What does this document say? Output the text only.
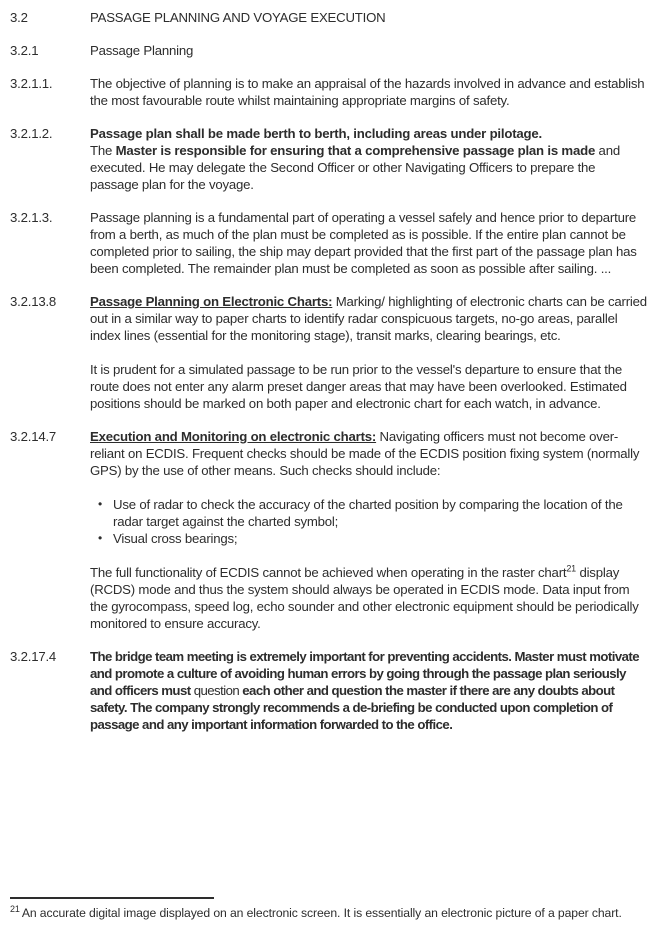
3.2	PASSAGE PLANNING AND VOYAGE EXECUTION

3.2.1	Passage Planning

3.2.1.1.	The objective of planning is to make an appraisal of the hazards involved in advance and establish the most favourable route whilst maintaining appropriate margins of safety.

3.2.1.2.	Passage plan shall be made berth to berth, including areas under pilotage.
The Master is responsible for ensuring that a comprehensive passage plan is made and executed. He may delegate the Second Officer or other Navigating Officers to prepare the passage plan for the voyage.

3.2.1.3.	Passage planning is a fundamental part of operating a vessel safely and hence prior to departure from a berth, as much of the plan must be completed as is possible. If the entire plan cannot be completed prior to sailing, the ship may depart provided that the first part of the passage plan has been completed. The remainder plan must be completed as soon as possible after sailing. ...

3.2.13.8	Passage Planning on Electronic Charts: Marking/ highlighting of electronic charts can be carried out in a similar way to paper charts to identify radar conspicuous targets, no-go areas, parallel index lines (essential for the monitoring stage), transit marks, clearing bearings, etc.

It is prudent for a simulated passage to be run prior to the vessel's departure to ensure that the route does not enter any alarm preset danger areas that may have been overlooked. Estimated positions should be marked on both paper and electronic chart for each watch, in advance.

3.2.14.7	Execution and Monitoring on electronic charts: Navigating officers must not become over-reliant on ECDIS. Frequent checks should be made of the ECDIS position fixing system (normally GPS) by the use of other means. Such checks should include:

• Use of radar to check the accuracy of the charted position by comparing the location of the radar target against the charted symbol;
• Visual cross bearings;

The full functionality of ECDIS cannot be achieved when operating in the raster chart$^{21}$ display (RCDS) mode and thus the system should always be operated in ECDIS mode. Data input from the gyrocompass, speed log, echo sounder and other electronic equipment should be periodically monitored to ensure accuracy.

3.2.17.4	The bridge team meeting is extremely important for preventing accidents. Master must motivate and promote a culture of avoiding human errors by going through the passage plan seriously and officers must question each other and question the master if there are any doubts about safety. The company strongly recommends a de-briefing be conducted upon completion of passage and any important information forwarded to the office.

$^{21}$ An accurate digital image displayed on an electronic screen. It is essentially an electronic picture of a paper chart.
